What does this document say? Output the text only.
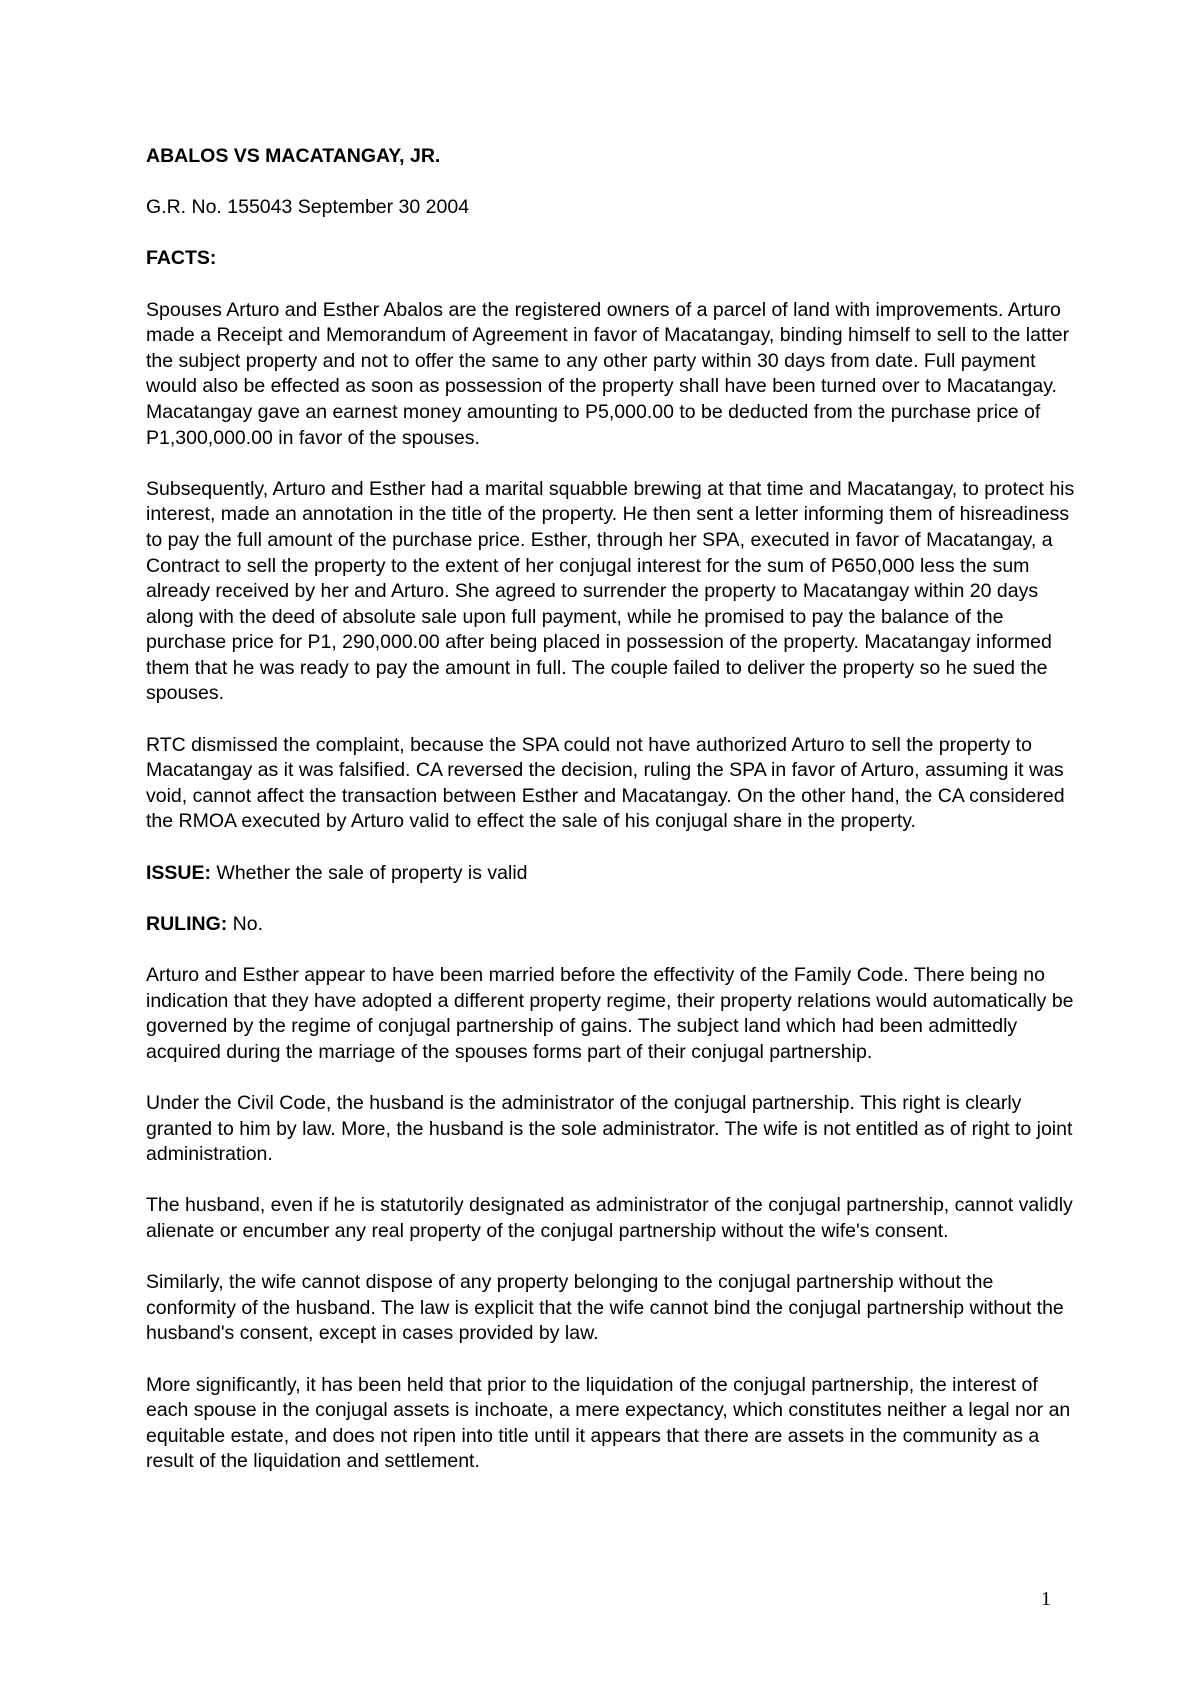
ABALOS VS MACATANGAY, JR.

G.R. No. 155043 September 30 2004

FACTS:

Spouses Arturo and Esther Abalos are the registered owners of a parcel of land with improvements. Arturo made a Receipt and Memorandum of Agreement in favor of Macatangay, binding himself to sell to the latter the subject property and not to offer the same to any other party within 30 days from date. Full payment would also be effected as soon as possession of the property shall have been turned over to Macatangay. Macatangay gave an earnest money amounting to P5,000.00 to be deducted from the purchase price of P1,300,000.00 in favor of the spouses.

Subsequently, Arturo and Esther had a marital squabble brewing at that time and Macatangay, to protect his interest, made an annotation in the title of the property. He then sent a letter informing them of hisreadiness to pay the full amount of the purchase price. Esther, through her SPA, executed in favor of Macatangay, a Contract to sell the property to the extent of her conjugal interest for the sum of P650,000 less the sum already received by her and Arturo. She agreed to surrender the property to Macatangay within 20 days along with the deed of absolute sale upon full payment, while he promised to pay the balance of the purchase price for P1, 290,000.00 after being placed in possession of the property. Macatangay informed them that he was ready to pay the amount in full. The couple failed to deliver the property so he sued the spouses.

RTC dismissed the complaint, because the SPA could not have authorized Arturo to sell the property to Macatangay as it was falsified. CA reversed the decision, ruling the SPA in favor of Arturo, assuming it was void, cannot affect the transaction between Esther and Macatangay. On the other hand, the CA considered the RMOA executed by Arturo valid to effect the sale of his conjugal share in the property.

ISSUE: Whether the sale of property is valid

RULING: No.

Arturo and Esther appear to have been married before the effectivity of the Family Code. There being no indication that they have adopted a different property regime, their property relations would automatically be governed by the regime of conjugal partnership of gains. The subject land which had been admittedly acquired during the marriage of the spouses forms part of their conjugal partnership.

Under the Civil Code, the husband is the administrator of the conjugal partnership. This right is clearly granted to him by law. More, the husband is the sole administrator. The wife is not entitled as of right to joint administration.

The husband, even if he is statutorily designated as administrator of the conjugal partnership, cannot validly alienate or encumber any real property of the conjugal partnership without the wife's consent.

Similarly, the wife cannot dispose of any property belonging to the conjugal partnership without the conformity of the husband. The law is explicit that the wife cannot bind the conjugal partnership without the husband's consent, except in cases provided by law.

More significantly, it has been held that prior to the liquidation of the conjugal partnership, the interest of each spouse in the conjugal assets is inchoate, a mere expectancy, which constitutes neither a legal nor an equitable estate, and does not ripen into title until it appears that there are assets in the community as a result of the liquidation and settlement.

1
